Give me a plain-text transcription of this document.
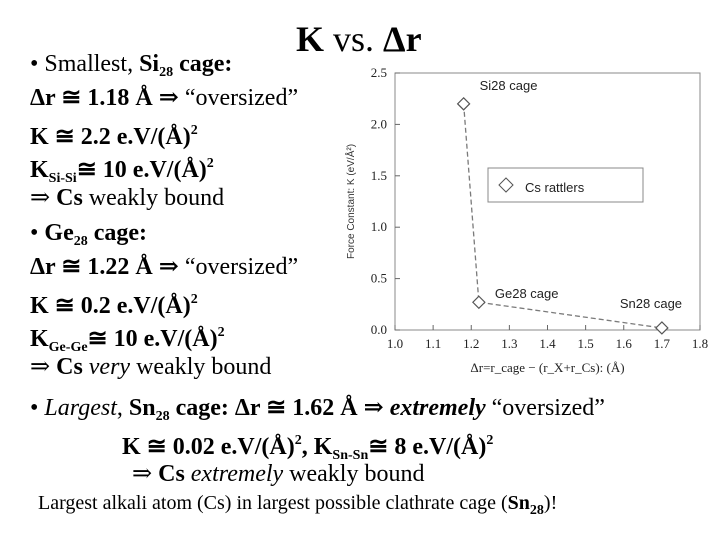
K vs. Δr
• Smallest, $Si_{28}$ cage:
Δr ≅ 1.18 Å ⇒ “oversized”
K ≅ 2.2 e.V/(Å)$^2$
$K_{Si-Si}≅$ 10 e.V/(Å)$^2$
⇒ Cs weakly bound
• $Ge_{28}$ cage:
Δr ≅ 1.22 Å ⇒ “oversized”
K ≅ 0.2 e.V/(Å)$^2$
$K_{Ge-Ge}≅$ 10 e.V/(Å)$^2$
⇒ Cs very weakly bound
• Largest, $Sn_{28}$ cage: Δr ≅ 1.62 Å ⇒ extremely “oversized”
K ≅ 0.02 e.V/(Å)$^2$, $K_{Sn-Sn}≅$ 8 e.V/(Å)$^2$
⇒ Cs extremely weakly bound
Largest alkali atom (Cs) in largest possible clathrate cage $(Sn_{28})$!
1.0 1.1 1.2 1.3 1.4 1.5 1.6 1.7 1.8
0.0
0.5
1.0
1.5
2.0
2.5
Force Constant: K (eV/Å²)
Δr=r_cage − (r_X+r_Cs): (Å)
Si28 cage
Ge28 cage
Sn28 cage
Cs rattlers
